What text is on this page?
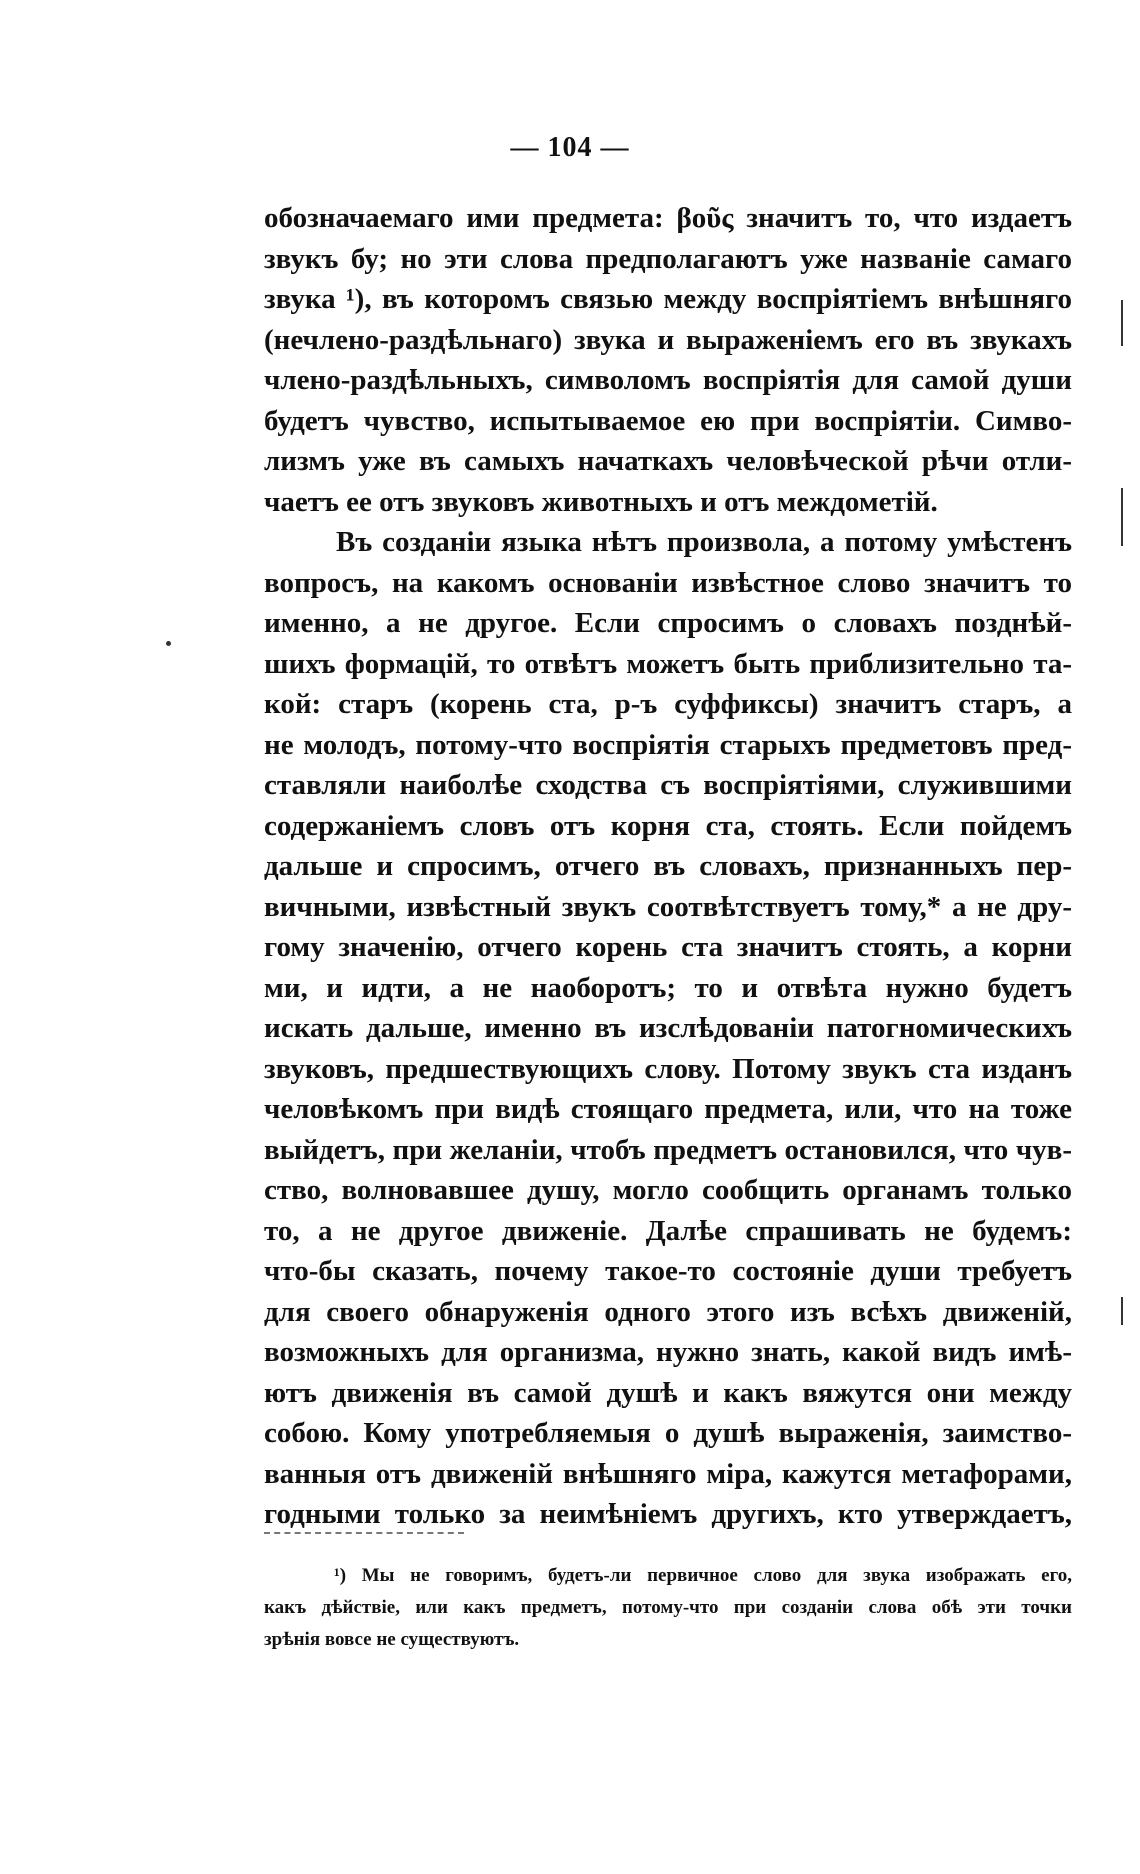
— 104 —
обозначаемаго ими предмета: βοῦς значитъ то, что издаетъ
звукъ бу; но эти слова предполагаютъ уже названіе самаго
звука ¹), въ которомъ связью между воспріятіемъ внѣшняго
(нечлено-раздѣльнаго) звука и выраженіемъ его въ звукахъ
члено-раздѣльныхъ, символомъ воспріятія для самой души
будетъ чувство, испытываемое ею при воспріятіи. Симво-
лизмъ уже въ самыхъ начаткахъ человѣческой рѣчи отли-
чаетъ ее отъ звуковъ животныхъ и отъ междометій.
Въ созданіи языка нѣтъ произвола, а потому умѣстенъ
вопросъ, на какомъ основаніи извѣстное слово значитъ то
именно, а не другое. Если спросимъ о словахъ позднѣй-
шихъ формацій, то отвѣтъ можетъ быть приблизительно та-
кой: старъ (корень ста, р-ъ суффиксы) значитъ старъ, а
не молодъ, потому-что воспріятія старыхъ предметовъ пред-
ставляли наиболѣе сходства съ воспріятіями, служившими
содержаніемъ словъ отъ корня ста, стоять. Если пойдемъ
дальше и спросимъ, отчего въ словахъ, признанныхъ пер-
вичными, извѣстный звукъ соотвѣтствуетъ тому,* а не дру-
гому значенію, отчего корень ста значитъ стоять, а корни
ми, и идти, а не наоборотъ; то и отвѣта нужно будетъ
искать дальше, именно въ изслѣдованіи патогномическихъ
звуковъ, предшествующихъ слову. Потому звукъ ста изданъ
человѣкомъ при видѣ стоящаго предмета, или, что на тоже
выйдетъ, при желаніи, чтобъ предметъ остановился, что чув-
ство, волновавшее душу, могло сообщить органамъ только
то, а не другое движеніе. Далѣе спрашивать не будемъ:
что-бы сказать, почему такое-то состояніе души требуетъ
для своего обнаруженія одного этого изъ всѣхъ движеній,
возможныхъ для организма, нужно знать, какой видъ имѣ-
ютъ движенія въ самой душѣ и какъ вяжутся они между
собою. Кому употребляемыя о душѣ выраженія, заимство-
ванныя отъ движеній внѣшняго міра, кажутся метафорами,
годными только за неимѣніемъ другихъ, кто утверждаетъ,
¹) Мы не говоримъ, будетъ-ли первичное слово для звука изображать его,
какъ дѣйствіе, или какъ предметъ, потому-что при созданіи слова обѣ эти точки
зрѣнія вовсе не существуютъ.
